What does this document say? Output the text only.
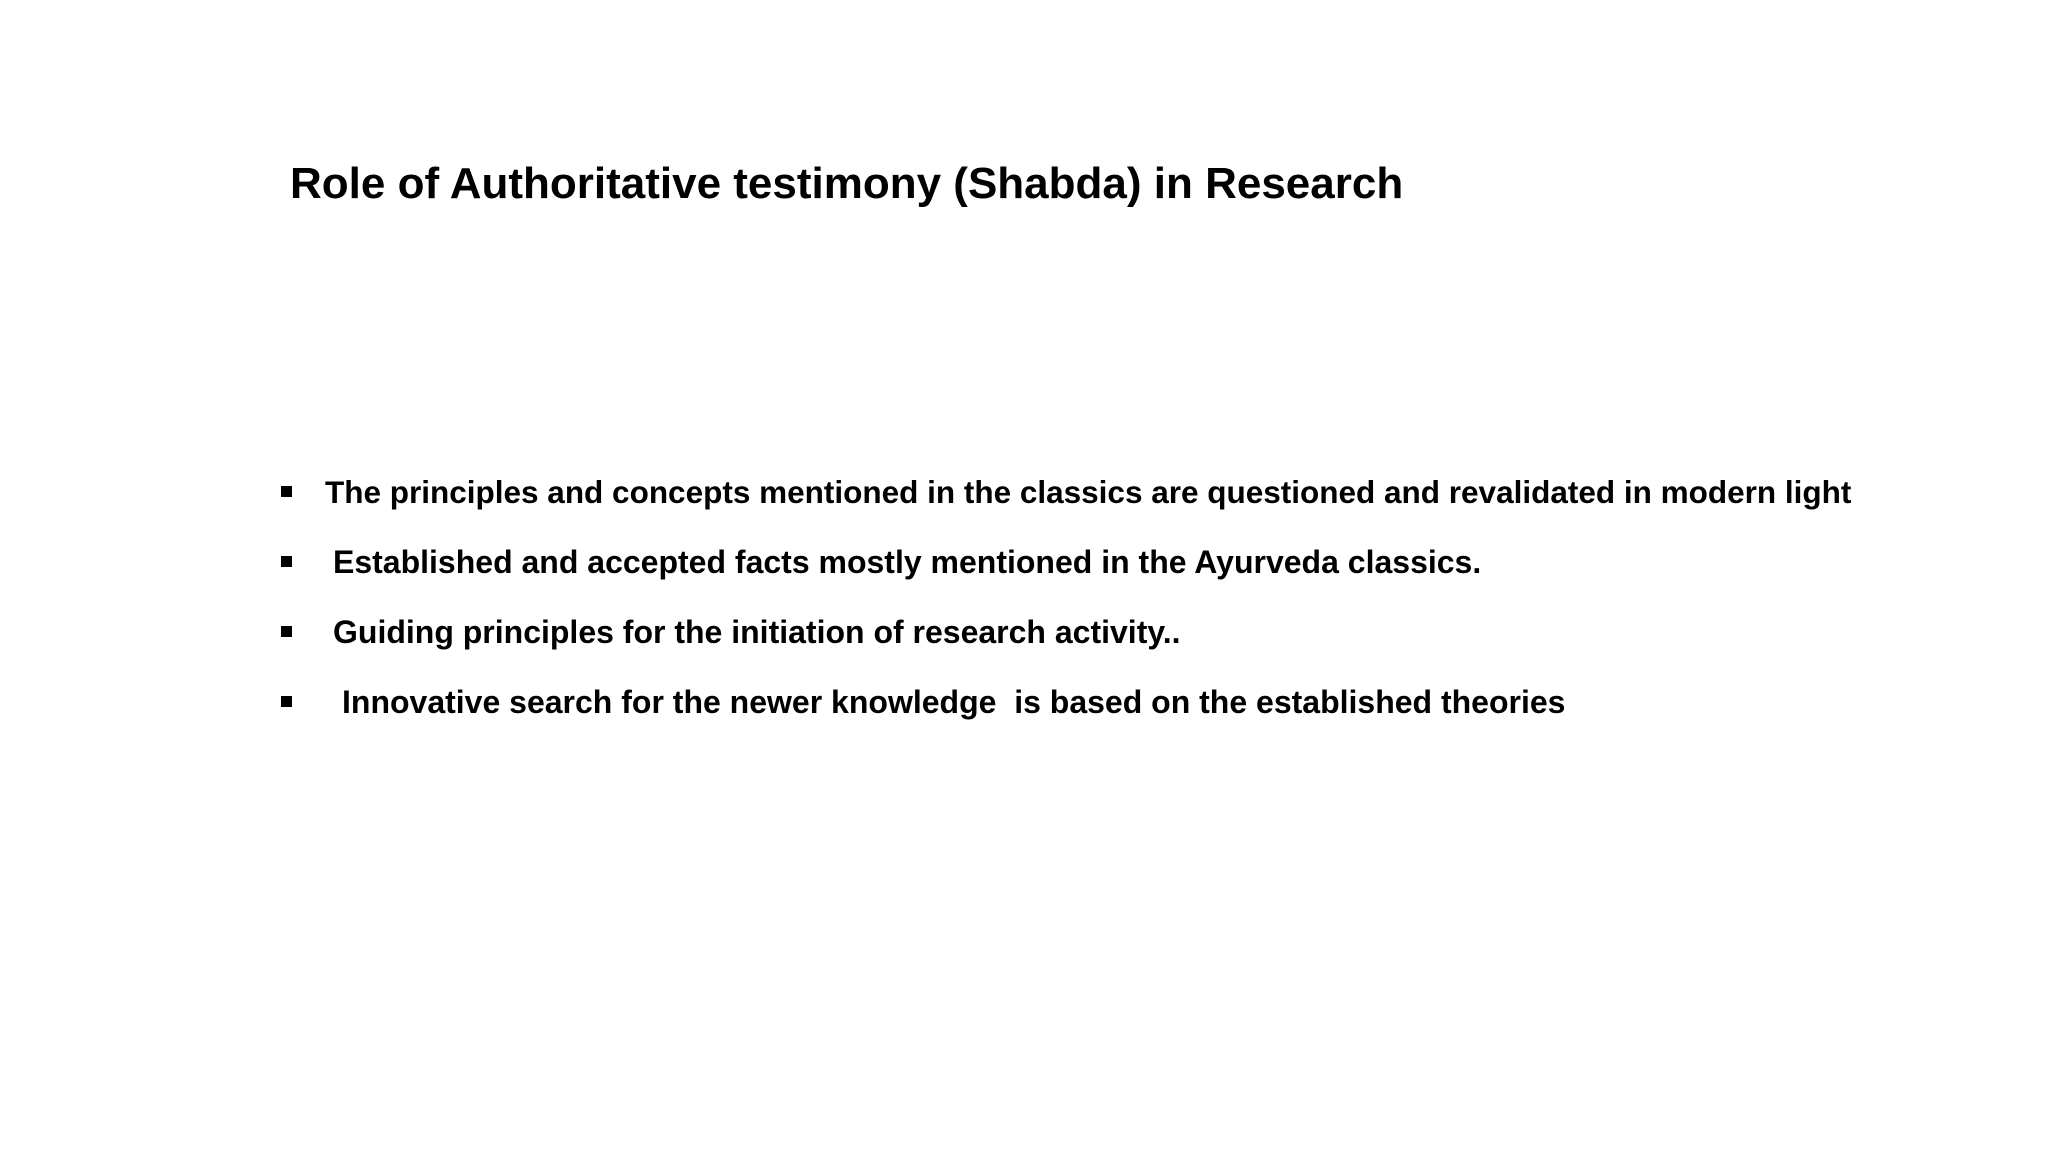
Role of Authoritative testimony (Shabda) in Research
The principles and concepts mentioned in the classics are questioned and revalidated in modern light
Established and accepted facts mostly mentioned in the Ayurveda classics.
Guiding principles for the initiation of research activity..
Innovative search for the newer knowledge  is based on the established theories
